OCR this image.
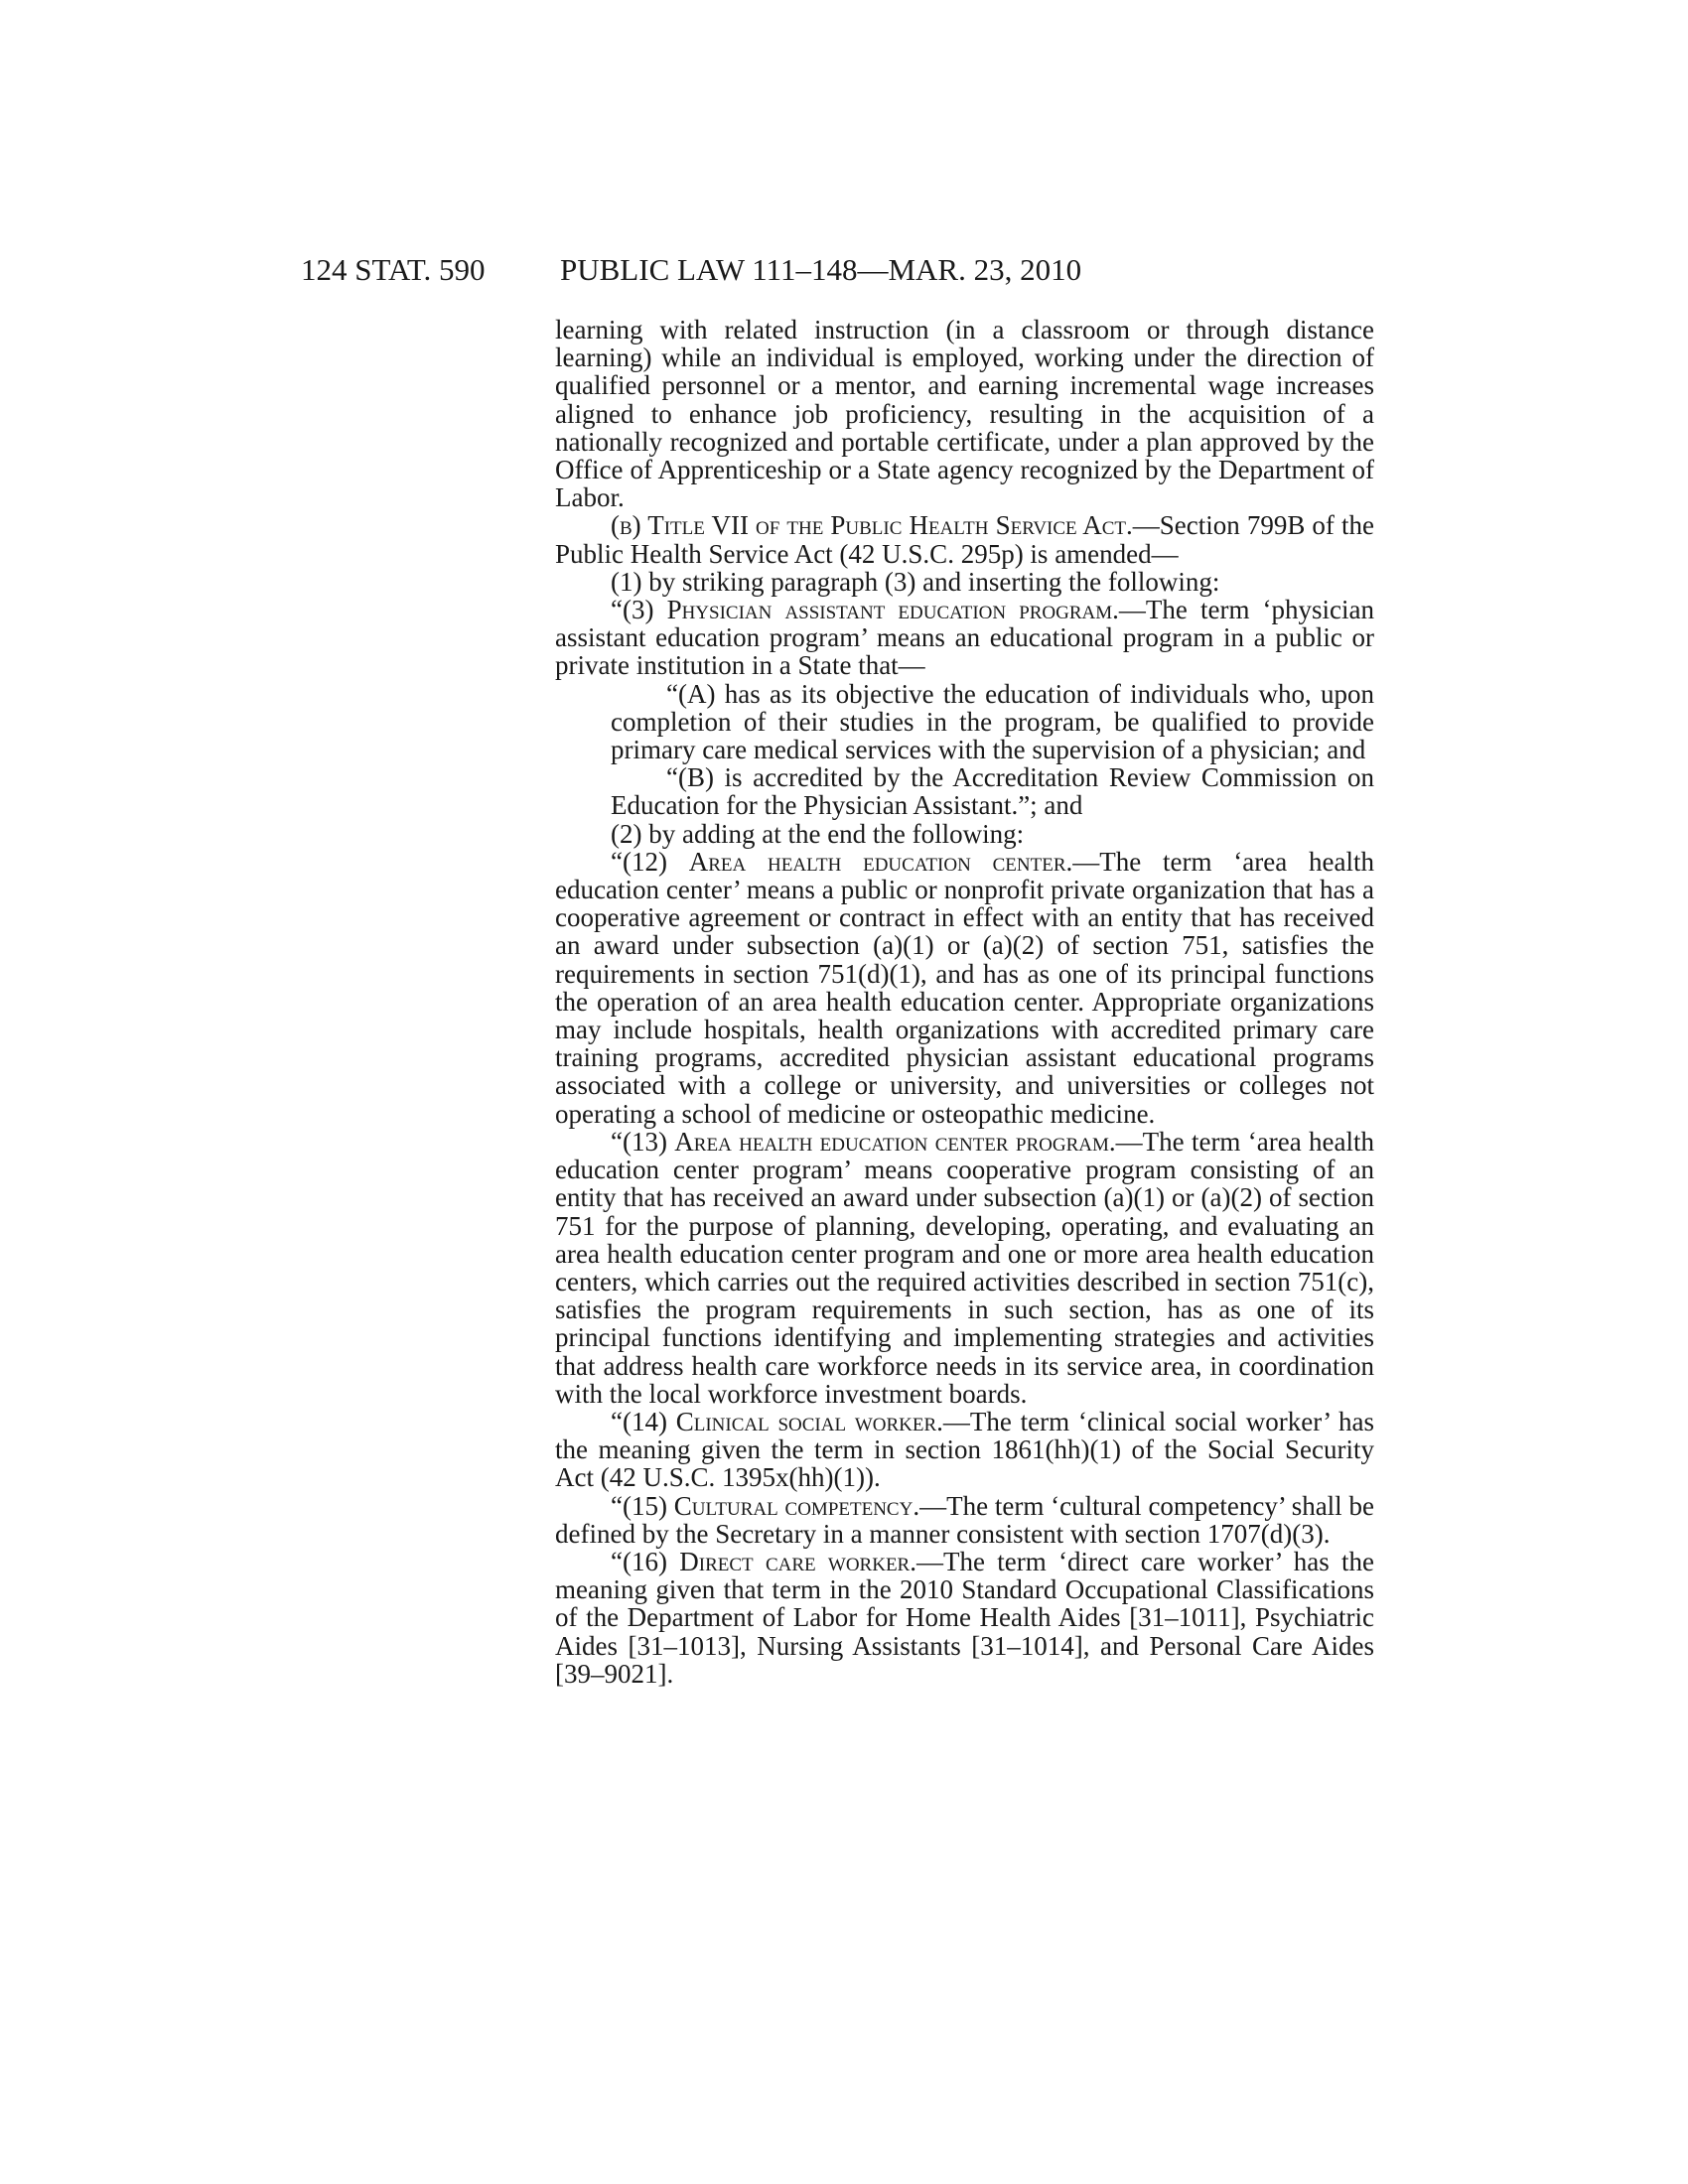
124 STAT. 590 PUBLIC LAW 111–148—MAR. 23, 2010

learning with related instruction (in a classroom or through distance learning) while an individual is employed, working under the direction of qualified personnel or a mentor, and earning incremental wage increases aligned to enhance job proficiency, resulting in the acquisition of a nationally recognized and portable certificate, under a plan approved by the Office of Apprenticeship or a State agency recognized by the Department of Labor.

(b) Title VII of the Public Health Service Act.—Section 799B of the Public Health Service Act (42 U.S.C. 295p) is amended—

(1) by striking paragraph (3) and inserting the following:

“(3) Physician assistant education program.—The term ‘physician assistant education program’ means an educational program in a public or private institution in a State that—

“(A) has as its objective the education of individuals who, upon completion of their studies in the program, be qualified to provide primary care medical services with the supervision of a physician; and

“(B) is accredited by the Accreditation Review Commission on Education for the Physician Assistant.”; and

(2) by adding at the end the following:

“(12) Area health education center.—The term ‘area health education center’ means a public or nonprofit private organization that has a cooperative agreement or contract in effect with an entity that has received an award under subsection (a)(1) or (a)(2) of section 751, satisfies the requirements in section 751(d)(1), and has as one of its principal functions the operation of an area health education center. Appropriate organizations may include hospitals, health organizations with accredited primary care training programs, accredited physician assistant educational programs associated with a college or university, and universities or colleges not operating a school of medicine or osteopathic medicine.

“(13) Area health education center program.—The term ‘area health education center program’ means cooperative program consisting of an entity that has received an award under subsection (a)(1) or (a)(2) of section 751 for the purpose of planning, developing, operating, and evaluating an area health education center program and one or more area health education centers, which carries out the required activities described in section 751(c), satisfies the program requirements in such section, has as one of its principal functions identifying and implementing strategies and activities that address health care workforce needs in its service area, in coordination with the local workforce investment boards.

“(14) Clinical social worker.—The term ‘clinical social worker’ has the meaning given the term in section 1861(hh)(1) of the Social Security Act (42 U.S.C. 1395x(hh)(1)).

“(15) Cultural competency.—The term ‘cultural competency’ shall be defined by the Secretary in a manner consistent with section 1707(d)(3).

“(16) Direct care worker.—The term ‘direct care worker’ has the meaning given that term in the 2010 Standard Occupational Classifications of the Department of Labor for Home Health Aides [31–1011], Psychiatric Aides [31–1013], Nursing Assistants [31–1014], and Personal Care Aides [39–9021].
